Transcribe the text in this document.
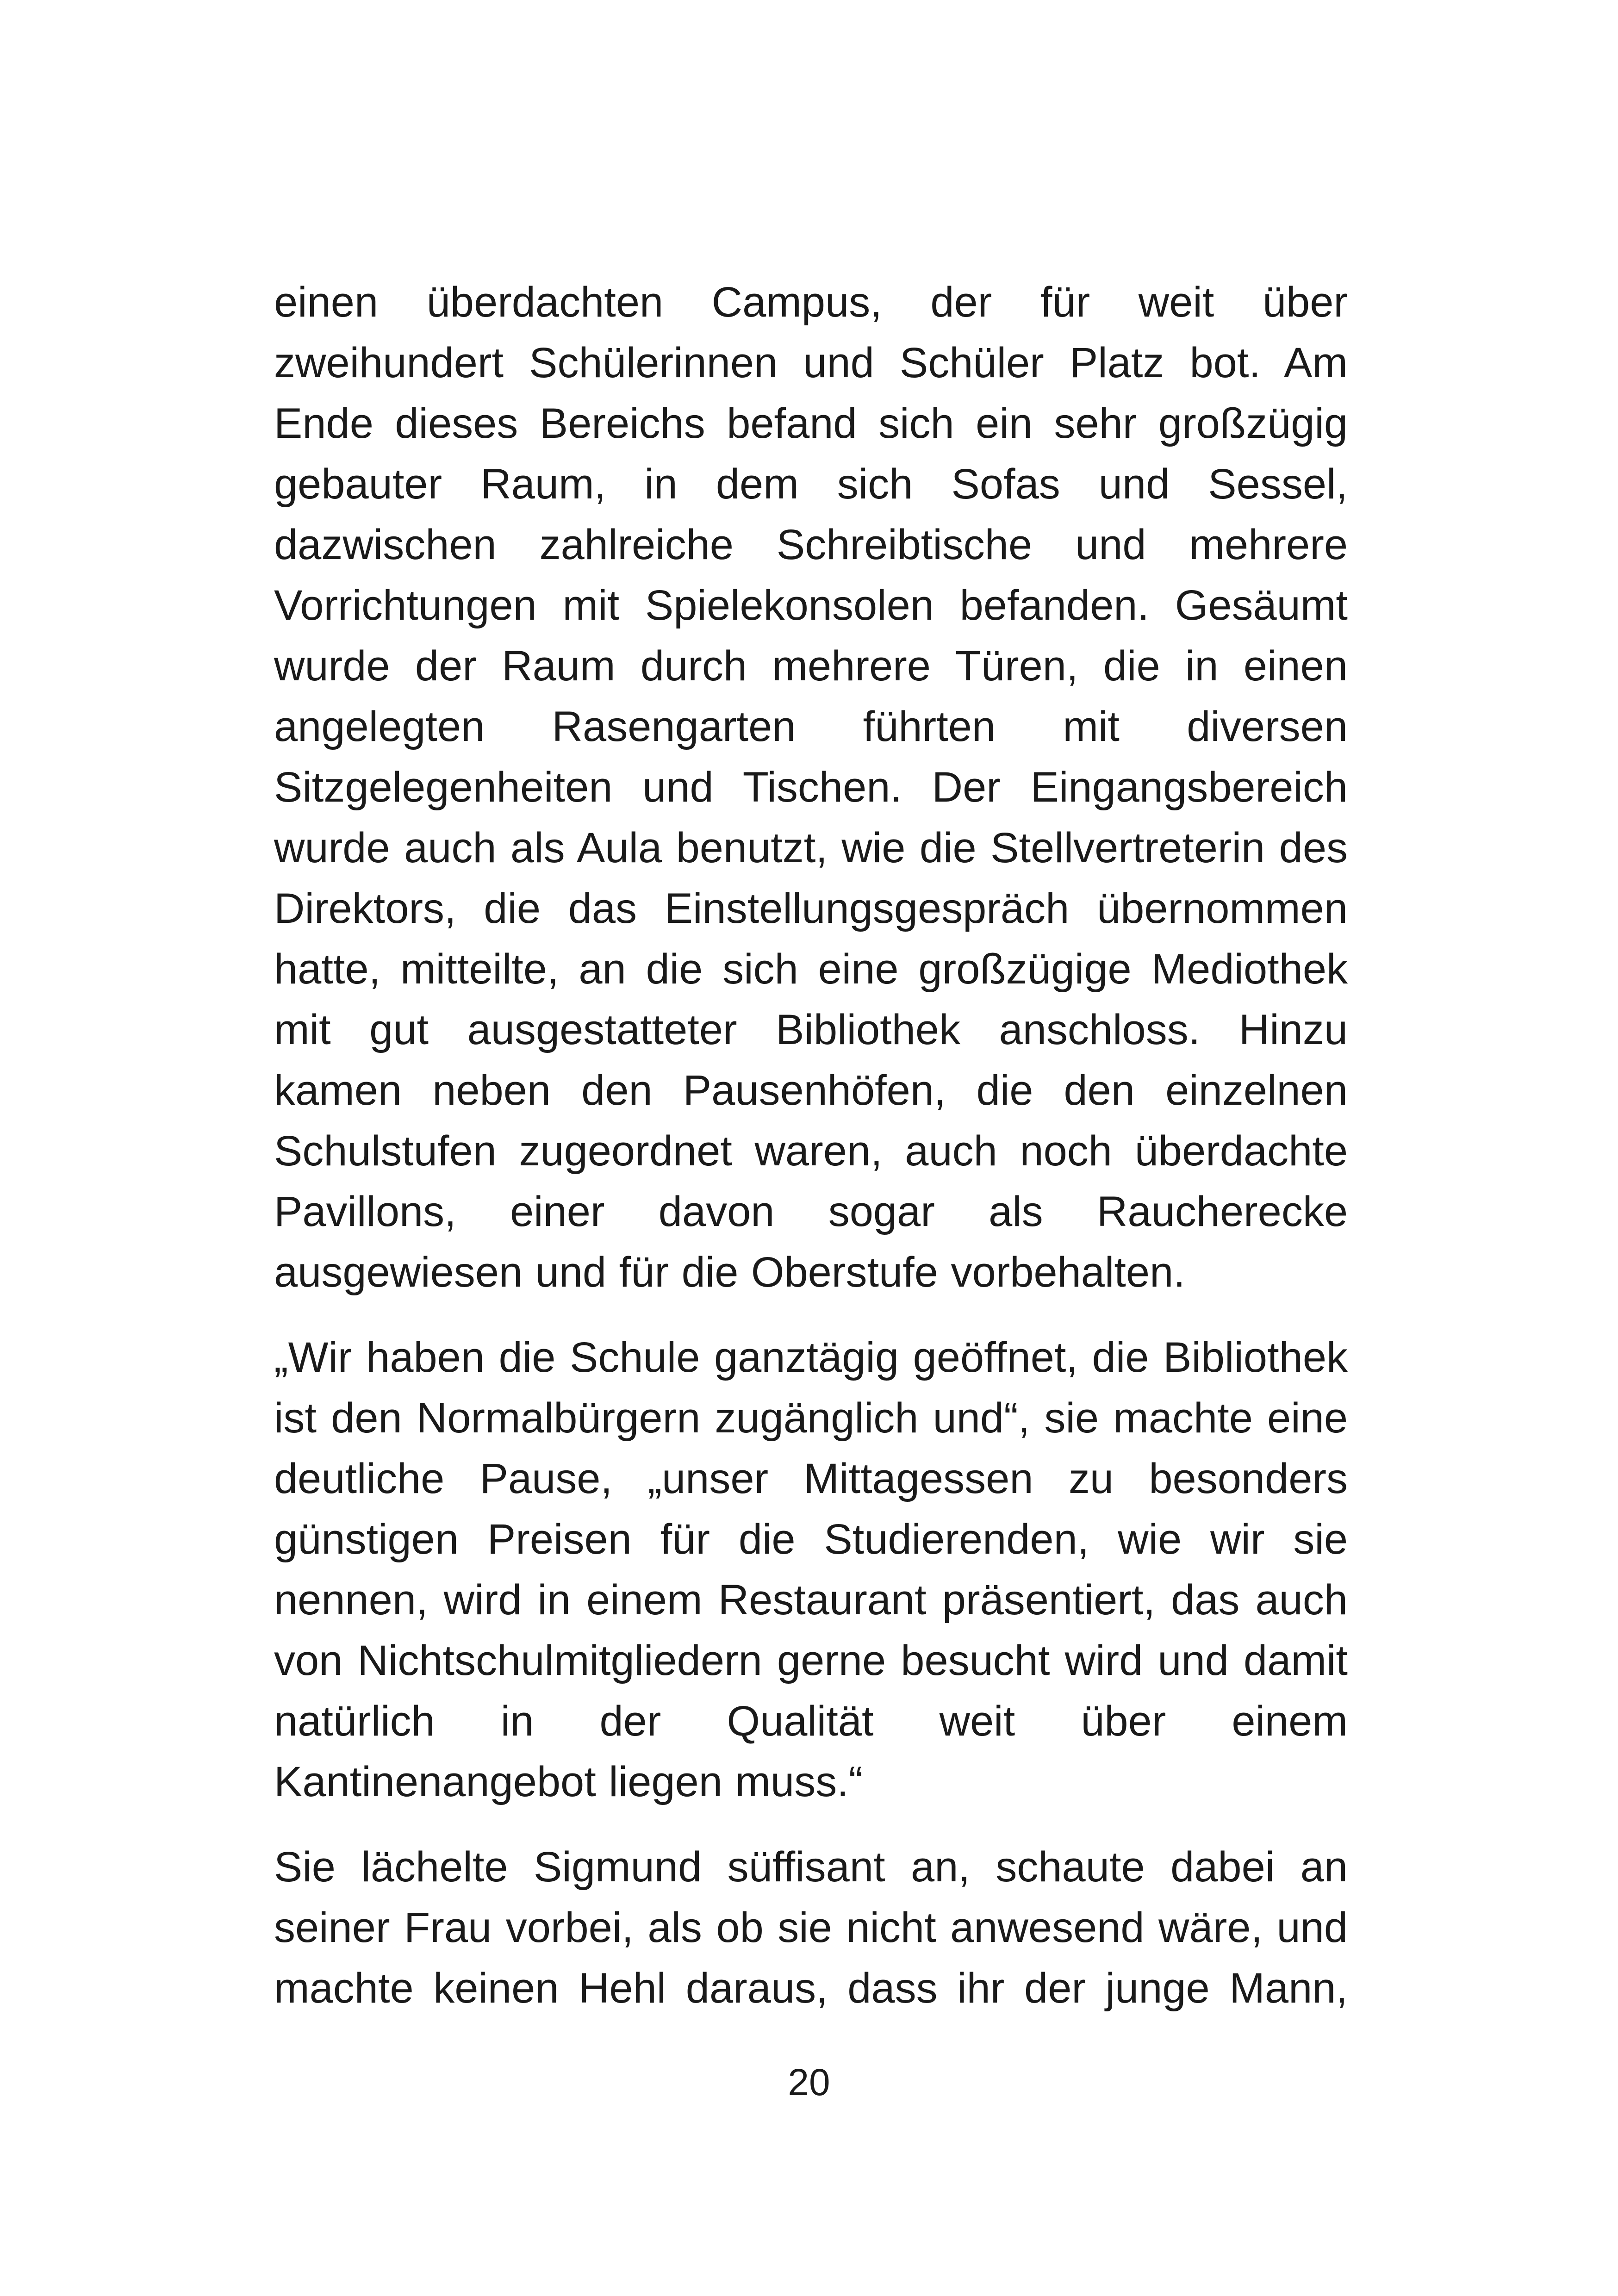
einen überdachten Campus, der für weit über zweihundert Schülerinnen und Schüler Platz bot. Am Ende dieses Bereichs befand sich ein sehr großzügig gebauter Raum, in dem sich Sofas und Sessel, dazwischen zahlreiche Schreibtische und mehrere Vorrichtungen mit Spielekonsolen befanden. Gesäumt wurde der Raum durch mehrere Türen, die in einen angelegten Rasengarten führten mit diversen Sitzgelegenheiten und Tischen. Der Eingangsbereich wurde auch als Aula benutzt, wie die Stellvertreterin des Direktors, die das Einstellungsgespräch übernommen hatte, mitteilte, an die sich eine großzügige Mediothek mit gut ausgestatteter Bibliothek anschloss. Hinzu kamen neben den Pausenhöfen, die den einzelnen Schulstufen zugeordnet waren, auch noch überdachte Pavillons, einer davon sogar als Raucherecke ausgewiesen und für die Oberstufe vorbehalten.

„Wir haben die Schule ganztägig geöffnet, die Bibliothek ist den Normalbürgern zugänglich und“, sie machte eine deutliche Pause, „unser Mittagessen zu besonders günstigen Preisen für die Studierenden, wie wir sie nennen, wird in einem Restaurant präsentiert, das auch von Nichtschulmitgliedern gerne besucht wird und damit natürlich in der Qualität weit über einem Kantinenangebot liegen muss.“

Sie lächelte Sigmund süffisant an, schaute dabei an seiner Frau vorbei, als ob sie nicht anwesend wäre, und machte keinen Hehl daraus, dass ihr der junge Mann,

20
